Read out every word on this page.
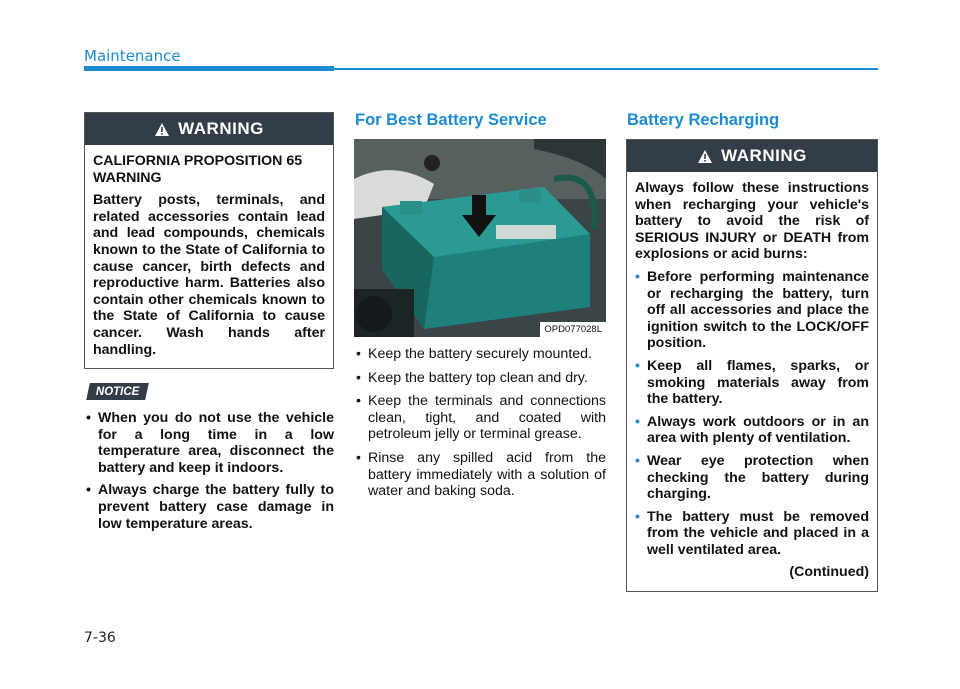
Maintenance
WARNING

CALIFORNIA PROPOSITION 65 WARNING

Battery posts, terminals, and related accessories contain lead and lead compounds, chemicals known to the State of California to cause cancer, birth defects and reproductive harm. Batteries also contain other chemicals known to the State of California to cause cancer. Wash hands after handling.

NOTICE
• When you do not use the vehicle for a long time in a low temperature area, disconnect the battery and keep it indoors.
• Always charge the battery fully to prevent battery case damage in low temperature areas.
For Best Battery Service
OPD077028L
• Keep the battery securely mounted.
• Keep the battery top clean and dry.
• Keep the terminals and connections clean, tight, and coated with petroleum jelly or terminal grease.
• Rinse any spilled acid from the battery immediately with a solution of water and baking soda.
Battery Recharging
WARNING

Always follow these instructions when recharging your vehicle's battery to avoid the risk of SERIOUS INJURY or DEATH from explosions or acid burns:

• Before performing maintenance or recharging the battery, turn off all accessories and place the ignition switch to the LOCK/OFF position.
• Keep all flames, sparks, or smoking materials away from the battery.
• Always work outdoors or in an area with plenty of ventilation.
• Wear eye protection when checking the battery during charging.
• The battery must be removed from the vehicle and placed in a well ventilated area.
(Continued)
7-36
